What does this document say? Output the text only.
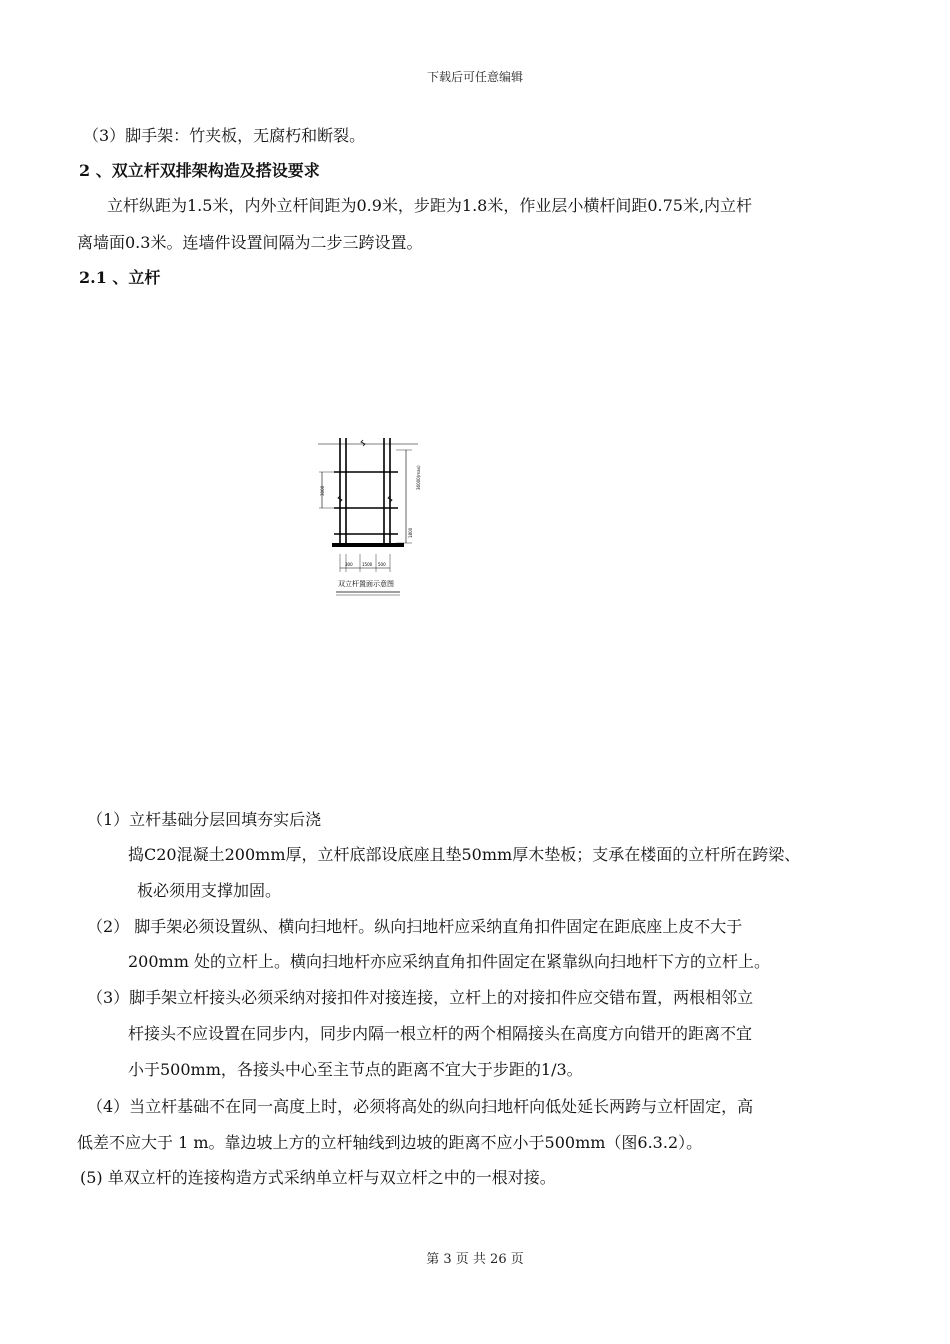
下载后可任意编辑
（3）脚手架：竹夹板，无腐朽和断裂。
2 、双立杆双排架构造及搭设要求
立杆纵距为1.5米，内外立杆间距为0.9米，步距为1.8米，作业层小横杆间距0.75米,内立杆
离墙面0.3米。连墙件设置间隔为二步三跨设置。
2.1 、立杆
3000
36000(max)
1800
300 1500 500
双立杆置面示意图
（1）立杆基础分层回填夯实后浇
捣C20混凝土200mm厚，立杆底部设底座且垫50mm厚木垫板；支承在楼面的立杆所在跨梁、
板必须用支撑加固。
（2） 脚手架必须设置纵、横向扫地杆。纵向扫地杆应采纳直角扣件固定在距底座上皮不大于
200mm 处的立杆上。横向扫地杆亦应采纳直角扣件固定在紧靠纵向扫地杆下方的立杆上。
（3）脚手架立杆接头必须采纳对接扣件对接连接，立杆上的对接扣件应交错布置，两根相邻立
杆接头不应设置在同步内，同步内隔一根立杆的两个相隔接头在高度方向错开的距离不宜
小于500mm，各接头中心至主节点的距离不宜大于步距的1/3。
（4）当立杆基础不在同一高度上时，必须将高处的纵向扫地杆向低处延长两跨与立杆固定，高
低差不应大于 1 m。靠边坡上方的立杆轴线到边坡的距离不应小于500mm（图6.3.2）。
(5) 单双立杆的连接构造方式采纳单立杆与双立杆之中的一根对接。
第 3 页 共 26 页
